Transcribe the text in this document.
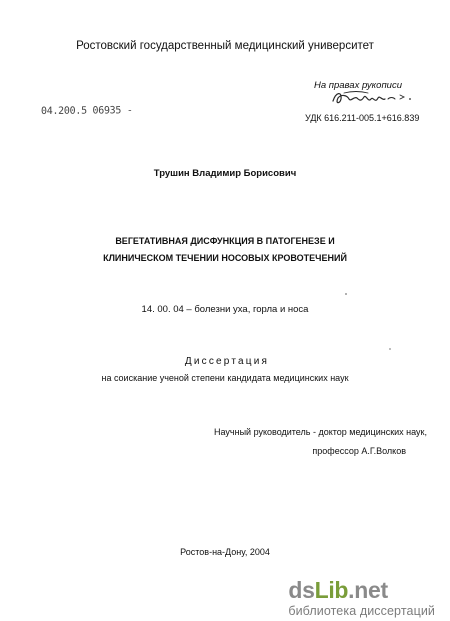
Ростовский государственный медицинский университет

На правах рукописи

УДК 616.211-005.1+616.839

04.200.5 06935 -

Трушин Владимир Борисович

ВЕГЕТАТИВНАЯ ДИСФУНКЦИЯ В ПАТОГЕНЕЗЕ И

КЛИНИЧЕСКОМ ТЕЧЕНИИ НОСОВЫХ КРОВОТЕЧЕНИЙ

14. 00. 04 – болезни уха, горла и носа

Диссертация

на соискание ученой степени кандидата медицинских наук

Научный руководитель - доктор медицинских наук,

профессор А.Г.Волков

Ростов-на-Дону, 2004

dsLib.net
библиотека диссертаций
